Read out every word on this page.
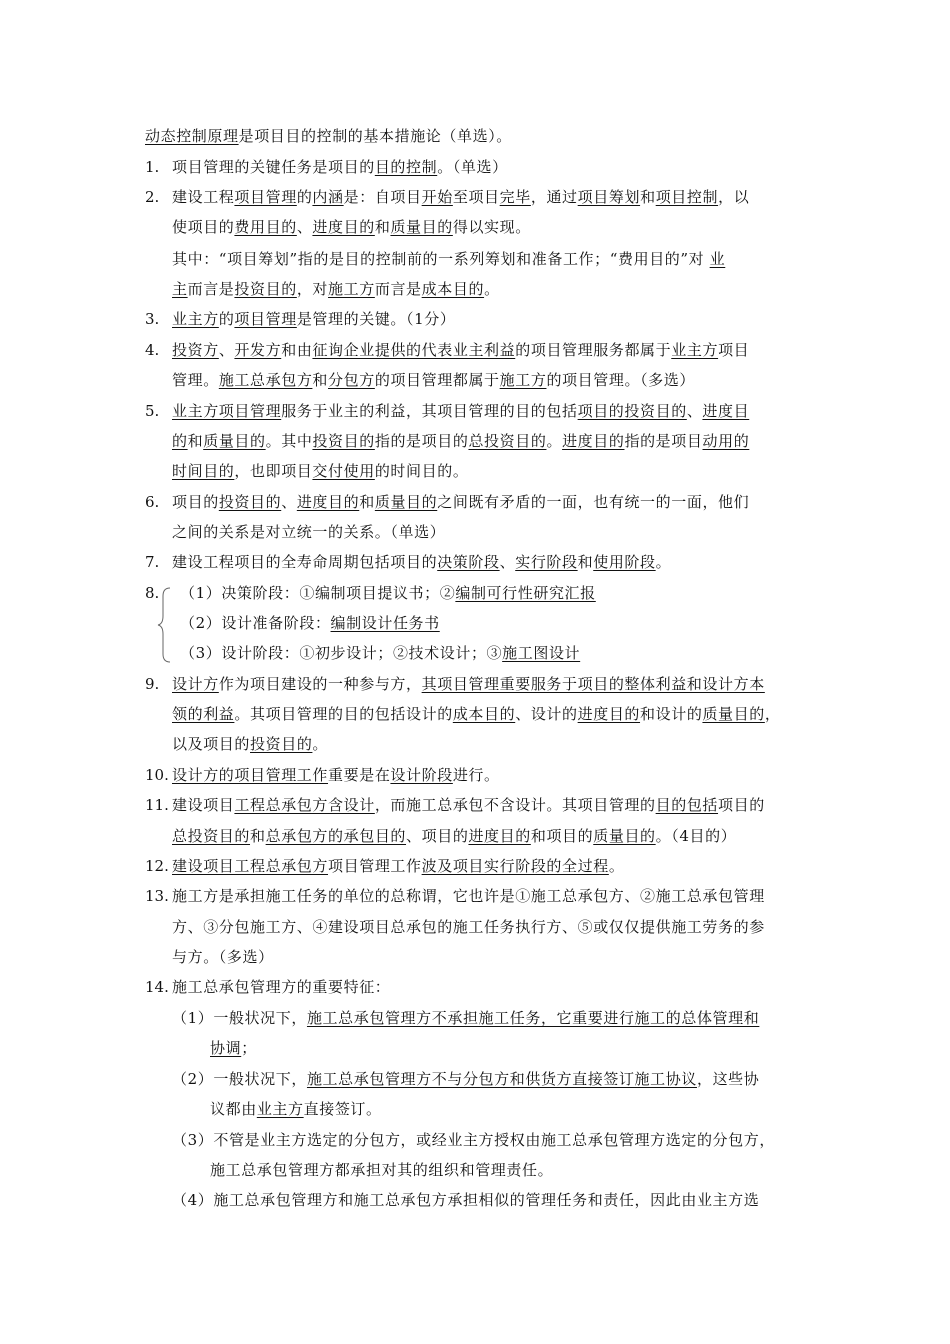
动态控制原理是项目目的控制的基本措施论（单选）。
1. 项目管理的关键任务是项目的目的控制。（单选）
2. 建设工程项目管理的内涵是：自项目开始至项目完毕，通过项目筹划和项目控制，以
使项目的费用目的、进度目的和质量目的得以实现。
其中：“项目筹划”指的是目的控制前的一系列筹划和准备工作；“费用目的”对 业
主而言是投资目的，对施工方而言是成本目的。
3. 业主方的项目管理是管理的关键。（1分）
4. 投资方、开发方和由征询企业提供的代表业主利益的项目管理服务都属于业主方项目
管理。施工总承包方和分包方的项目管理都属于施工方的项目管理。（多选）
5. 业主方项目管理服务于业主的利益，其项目管理的目的包括项目的投资目的、进度目
的和质量目的。其中投资目的指的是项目的总投资目的。进度目的指的是项目动用的
时间目的，也即项目交付使用的时间目的。
6. 项目的投资目的、进度目的和质量目的之间既有矛盾的一面，也有统一的一面，他们
之间的关系是对立统一的关系。（单选）
7. 建设工程项目的全寿命周期包括项目的决策阶段、实行阶段和使用阶段。
8. （1）决策阶段：①编制项目提议书；②编制可行性研究汇报
（2）设计准备阶段：编制设计任务书
（3）设计阶段：①初步设计；②技术设计；③施工图设计
9. 设计方作为项目建设的一种参与方，其项目管理重要服务于项目的整体利益和设计方本
领的利益。其项目管理的目的包括设计的成本目的、设计的进度目的和设计的质量目的，
以及项目的投资目的。
10. 设计方的项目管理工作重要是在设计阶段进行。
11. 建设项目工程总承包方含设计，而施工总承包不含设计。其项目管理的目的包括项目的
总投资目的和总承包方的承包目的、项目的进度目的和项目的质量目的。（4目的）
12. 建设项目工程总承包方项目管理工作波及项目实行阶段的全过程。
13. 施工方是承担施工任务的单位的总称谓，它也许是①施工总承包方、②施工总承包管理
方、③分包施工方、④建设项目总承包的施工任务执行方、⑤或仅仅提供施工劳务的参
与方。（多选）
14. 施工总承包管理方的重要特征：
（1）一般状况下，施工总承包管理方不承担施工任务，它重要进行施工的总体管理和
协调；
（2）一般状况下，施工总承包管理方不与分包方和供货方直接签订施工协议，这些协
议都由业主方直接签订。
（3）不管是业主方选定的分包方，或经业主方授权由施工总承包管理方选定的分包方，
施工总承包管理方都承担对其的组织和管理责任。
（4）施工总承包管理方和施工总承包方承担相似的管理任务和责任，因此由业主方选
